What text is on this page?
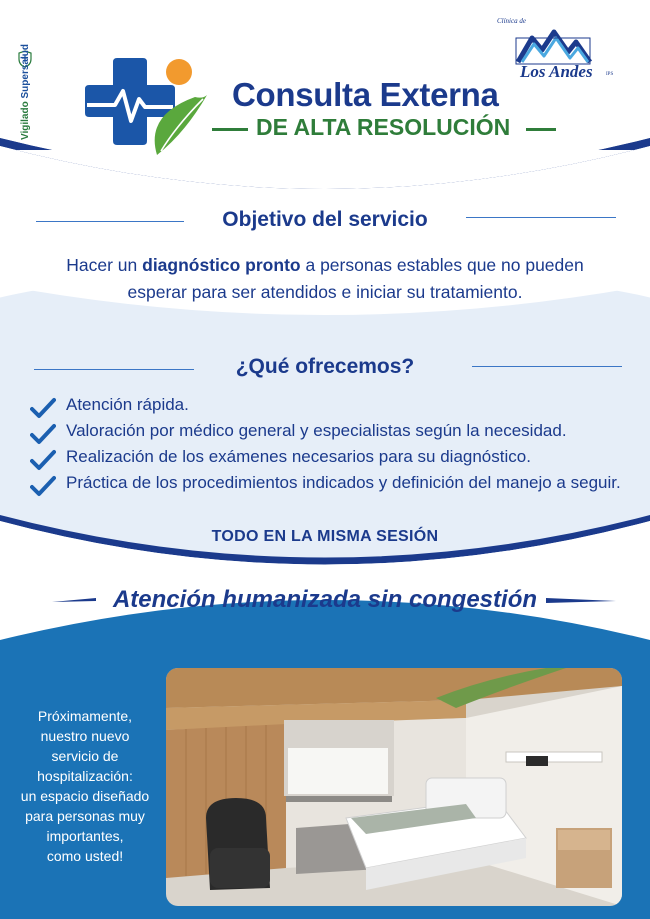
Vigilado Supersalud	Consulta Externa
DE ALTA RESOLUCIÓN
Clínica de
Los Andes	IPS
Objetivo del servicio
Hacer un diagnóstico pronto a personas estables que no pueden esperar para ser atendidos e iniciar su tratamiento.
¿Qué ofrecemos?
Atención rápida.
Valoración por médico general y especialistas según la necesidad.
Realización de los exámenes necesarios para su diagnóstico.
Práctica de los procedimientos indicados y definición del manejo a seguir.
TODO EN LA MISMA SESIÓN
Atención humanizada sin congestión
Próximamente,
nuestro nuevo
servicio de
hospitalización:
un espacio diseñado
para personas muy
importantes,
como usted!
